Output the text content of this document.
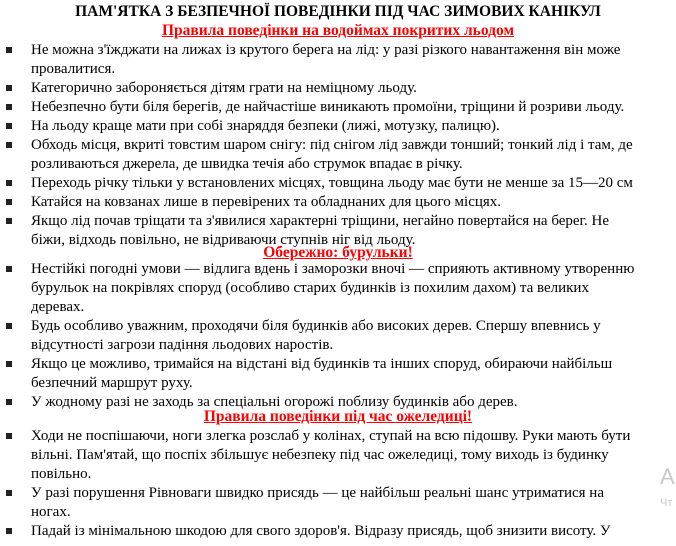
ПАМ'ЯТКА З БЕЗПЕЧНОЇ ПОВЕДІНКИ ПІД ЧАС ЗИМОВИХ КАНІКУЛ
Правила поведінки на водоймах покритих льодом
Не можна з'їжджати на лижах із крутого берега на лід: у разі різкого навантаження він може
провалитися.
Категорично забороняється дітям грати на неміцному льоду.
Небезпечно бути біля берегів, де найчастіше виникають промоїни, тріщини й розриви льоду.
На льоду краще мати при собі знаряддя безпеки (лижі, мотузку, палицю).
Обходь місця, вкриті товстим шаром снігу: під снігом лід завжди тонший; тонкий лід і там, де
розливаються джерела, де швидка течія або струмок впадає в річку.
Переходь річку тільки у встановлених місцях, товщина льоду має бути не менше за 15—20 см
Катайся на ковзанах лише в перевірених та обладнаних для цього місцях.
Якщо лід почав тріщати та з'явилися характерні тріщини, негайно повертайся на берег. Не
біжи, відходь повільно, не відриваючи ступнів ніг від льоду.
Обережно: бурульки!
Нестійкі погодні умови — відлига вдень і заморозки вночі — сприяють активному утворенню
бурульок на покрівлях споруд (особливо старих будинків із похилим дахом) та великих
деревах.
Будь особливо уважним, проходячи біля будинків або високих дерев. Спершу впевнись у
відсутності загрози падіння льодових наростів.
Якщо це можливо, тримайся на відстані від будинків та інших споруд, обираючи найбільш
безпечний маршрут руху.
У жодному разі не заходь за спеціальні огорожі поблизу будинків або дерев.
Правила поведінки під час ожеледиці!
Ходи не поспішаючи, ноги злегка розслаб у колінах, ступай на всю підошву. Руки мають бути
вільні. Пам'ятай, що поспіх збільшує небезпеку під час ожеледиці, тому виходь із будинку
повільно.
У разі порушення Рівноваги швидко присядь — це найбільш реальні шанс утриматися на
ногах.
Падай із мінімальною шкодою для свого здоров'я. Відразу присядь, щоб знизити висоту. У
A
Чт
